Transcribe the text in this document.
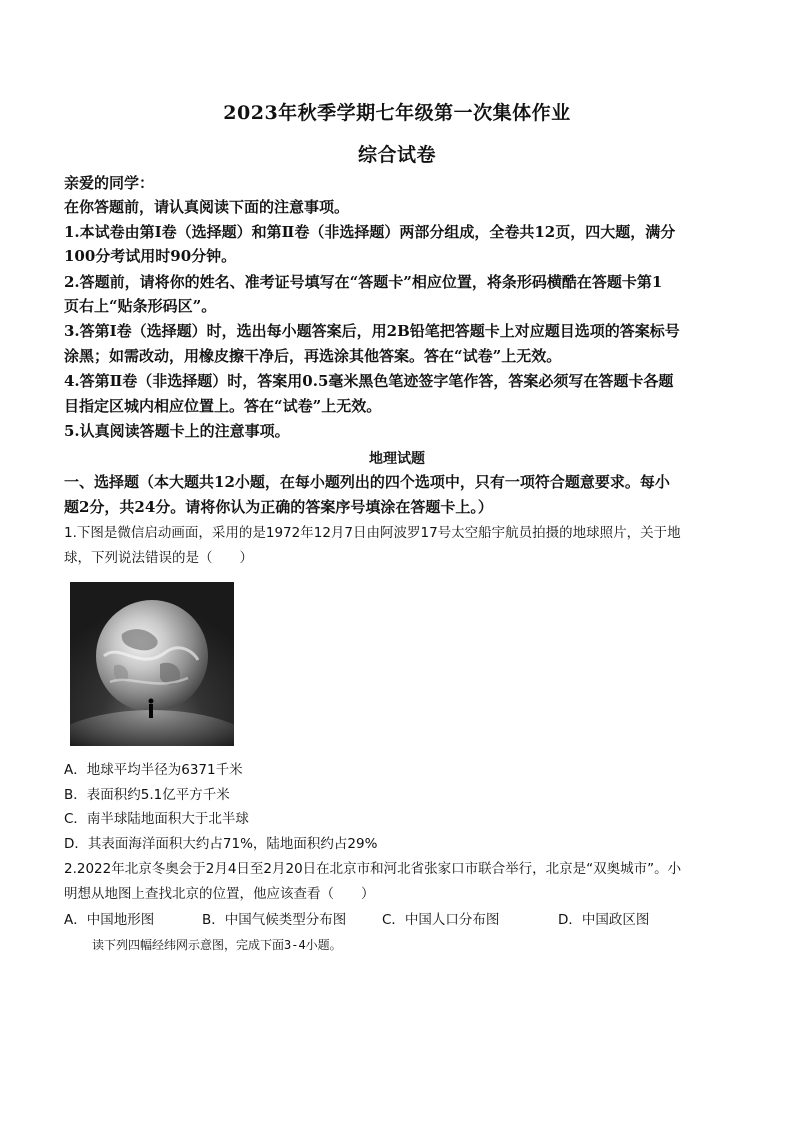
2023年秋季学期七年级第一次集体作业
综合试卷
亲爱的同学：
在你答题前，请认真阅读下面的注意事项。
1.本试卷由第Ⅰ卷（选择题）和第Ⅱ卷（非选择题）两部分组成，全卷共12页，四大题，满分
100分考试用时90分钟。
2.答题前，请将你的姓名、准考证号填写在“答题卡”相应位置，将条形码横酷在答题卡第1
页右上“贴条形码区”。
3.答第Ⅰ卷（选择题）时，选出每小题答案后，用2B铅笔把答题卡上对应题目选项的答案标号
涂黑；如需改动，用橡皮擦干净后，再选涂其他答案。答在“试卷”上无效。
4.答第Ⅱ卷（非选择题）时，答案用0.5毫米黑色笔迹签字笔作答，答案必须写在答题卡各题
目指定区城内相应位置上。答在“试卷”上无效。
5.认真阅读答题卡上的注意事项。
地理试题
一、选择题（本大题共12小题，在每小题列出的四个选项中，只有一项符合题意要求。每小
题2分，共24分。请将你认为正确的答案序号填涂在答题卡上。）
1.下图是微信启动画面，采用的是1972年12月7日由阿波罗17号太空船宇航员拍摄的地球照片，关于地
球，下列说法错误的是（　　）
A．地球平均半径为6371千米
B．表面积约5.1亿平方千米
C．南半球陆地面积大于北半球
D．其表面海洋面积大约占71%，陆地面积约占29%
2.2022年北京冬奥会于2月4日至2月20日在北京市和河北省张家口市联合举行，北京是“双奥城市”。小
明想从地图上查找北京的位置，他应该查看（　　）
A．中国地形图	B．中国气候类型分布图	C．中国人口分布图	D．中国政区图
读下列四幅经纬网示意图，完成下面3-4小题。
